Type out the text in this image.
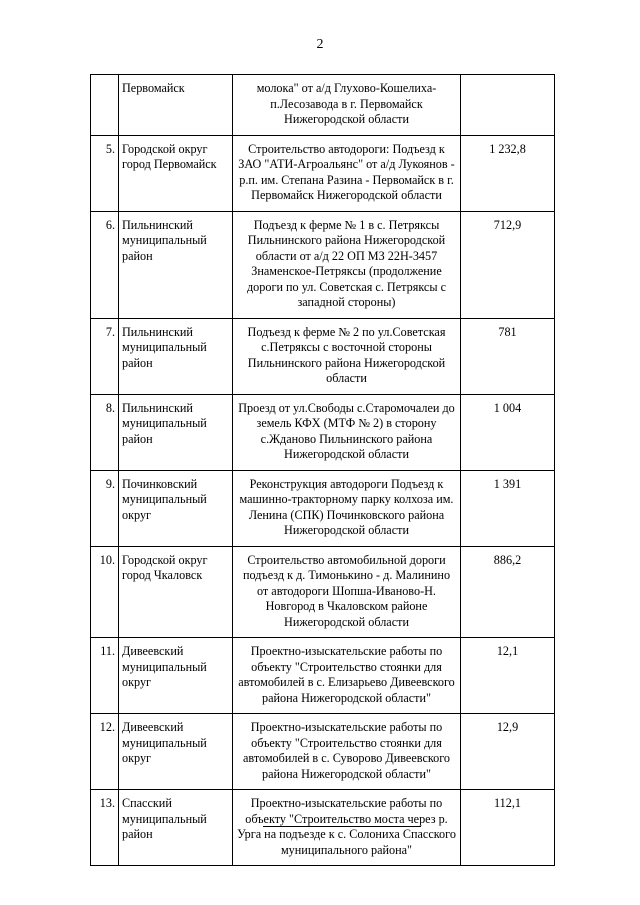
2
	Первомайск	молока" от а/д Глухово-Кошелиха-п.Лесозавода в г. Первомайск Нижегородской области	
5.	Городской округ город Первомайск	Строительство автодороги: Подъезд к ЗАО "АТИ-Агроальянс" от а/д Лукоянов - р.п. им. Степана Разина - Первомайск в г. Первомайск Нижегородской области	1 232,8
6.	Пильнинский муниципальный район	Подъезд к ферме № 1 в с. Петряксы Пильнинского района Нижегородской области от а/д 22 ОП МЗ 22Н-3457 Знаменское-Петряксы (продолжение дороги по ул. Советская с. Петряксы с западной стороны)	712,9
7.	Пильнинский муниципальный район	Подъезд к ферме № 2 по ул.Советская с.Петряксы с восточной стороны Пильнинского района Нижегородской области	781
8.	Пильнинский муниципальный район	Проезд от ул.Свободы с.Старомочалеи до земель КФХ (МТФ № 2) в сторону с.Жданово Пильнинского района Нижегородской области	1 004
9.	Починковский муниципальный округ	Реконструкция автодороги Подъезд к машинно-тракторному парку колхоза им. Ленина (СПК) Починковского района Нижегородской области	1 391
10.	Городской округ город Чкаловск	Строительство автомобильной дороги подъезд к д. Тимонькино - д. Малинино от автодороги Шопша-Иваново-Н. Новгород в Чкаловском районе Нижегородской области	886,2
11.	Дивеевский муниципальный округ	Проектно-изыскательские работы по объекту "Строительство стоянки для автомобилей в с. Елизарьево Дивеевского района Нижегородской области"	12,1
12.	Дивеевский муниципальный округ	Проектно-изыскательские работы по объекту "Строительство стоянки для автомобилей в с. Суворово Дивеевского района Нижегородской области"	12,9
13.	Спасский муниципальный район	Проектно-изыскательские работы по объекту "Строительство моста через р. Урга на подъезде к с. Солониха Спасского муниципального района"	112,1
